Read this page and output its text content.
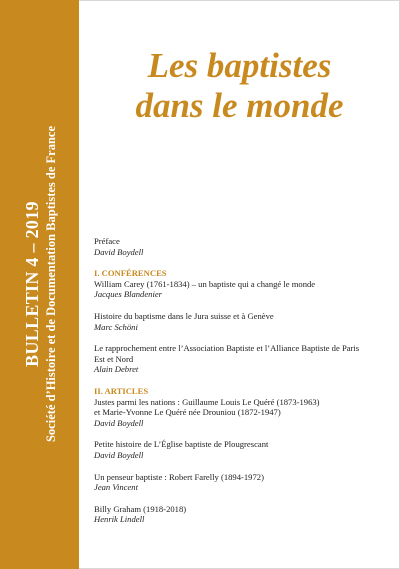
BULLETIN 4 – 2019 Société d’Histoire et de Documentation Baptistes de France
Les baptistes
dans le monde
Préface
David Boydell
I. CONFÉRENCES
William Carey (1761-1834) – un baptiste qui a changé le monde
Jacques Blandenier
Histoire du baptisme dans le Jura suisse et à Genève
Marc Schöni
Le rapprochement entre l’Association Baptiste et l’Alliance Baptiste de Paris
Est et Nord
Alain Debret
II. ARTICLES
Justes parmi les nations : Guillaume Louis Le Quéré (1873-1963)
et Marie-Yvonne Le Quéré née Drouniou (1872-1947)
David Boydell
Petite histoire de L’Église baptiste de Plougrescant
David Boydell
Un penseur baptiste : Robert Farelly (1894-1972)
Jean Vincent
Billy Graham (1918-2018)
Henrik Lindell
